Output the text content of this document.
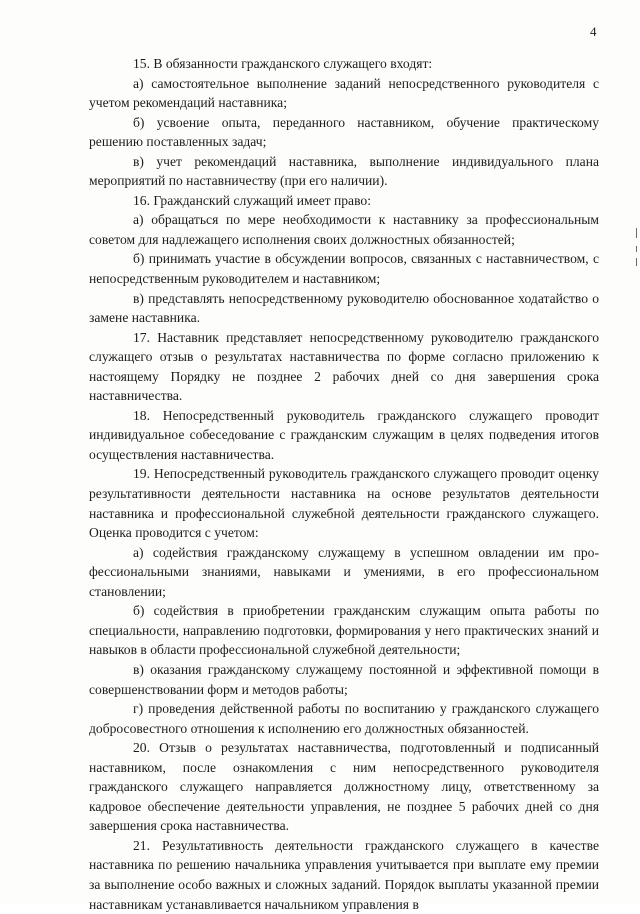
4

15. В обязанности гражданского служащего входят:

а) самостоятельное выполнение заданий непосредственного руководителя с учетом рекомендаций наставника;

б) усвоение опыта, переданного наставником, обучение практическому решению поставленных задач;

в) учет рекомендаций наставника, выполнение индивидуального плана мероприятий по наставничеству (при его наличии).

16. Гражданский служащий имеет право:

а) обращаться по мере необходимости к наставнику за профессиональным советом для надлежащего исполнения своих должностных обязанностей;

б) принимать участие в обсуждении вопросов, связанных с наставничеством, с непосредственным руководителем и наставником;

в) представлять непосредственному руководителю обоснованное ходатайство о замене наставника.

17. Наставник представляет непосредственному руководителю гражданского служащего отзыв о результатах наставничества по форме согласно приложению к настоящему Порядку не позднее 2 рабочих дней со дня завершения срока наставничества.

18. Непосредственный руководитель гражданского служащего проводит индивидуальное собеседование с гражданским служащим в целях подведения итогов осуществления наставничества.

19. Непосредственный руководитель гражданского служащего проводит оценку результативности деятельности наставника на основе результатов деятельности наставника и профессиональной служебной деятельности гражданского служащего. Оценка проводится с учетом:

а) содействия гражданскому служащему в успешном овладении им профессиональными знаниями, навыками и умениями, в его профессиональном становлении;

б) содействия в приобретении гражданским служащим опыта работы по специальности, направлению подготовки, формирования у него практических знаний и навыков в области профессиональной служебной деятельности;

в) оказания гражданскому служащему постоянной и эффективной помощи в совершенствовании форм и методов работы;

г) проведения действенной работы по воспитанию у гражданского служащего добросовестного отношения к исполнению его должностных обязанностей.

20. Отзыв о результатах наставничества, подготовленный и подписанный наставником, после ознакомления с ним непосредственного руководителя гражданского служащего направляется должностному лицу, ответственному за кадровое обеспечение деятельности управления, не позднее 5 рабочих дней со дня завершения срока наставничества.

21. Результативность деятельности гражданского служащего в качестве наставника по решению начальника управления учитывается при выплате ему премии за выполнение особо важных и сложных заданий. Порядок выплаты указанной премии наставникам устанавливается начальником управления в
